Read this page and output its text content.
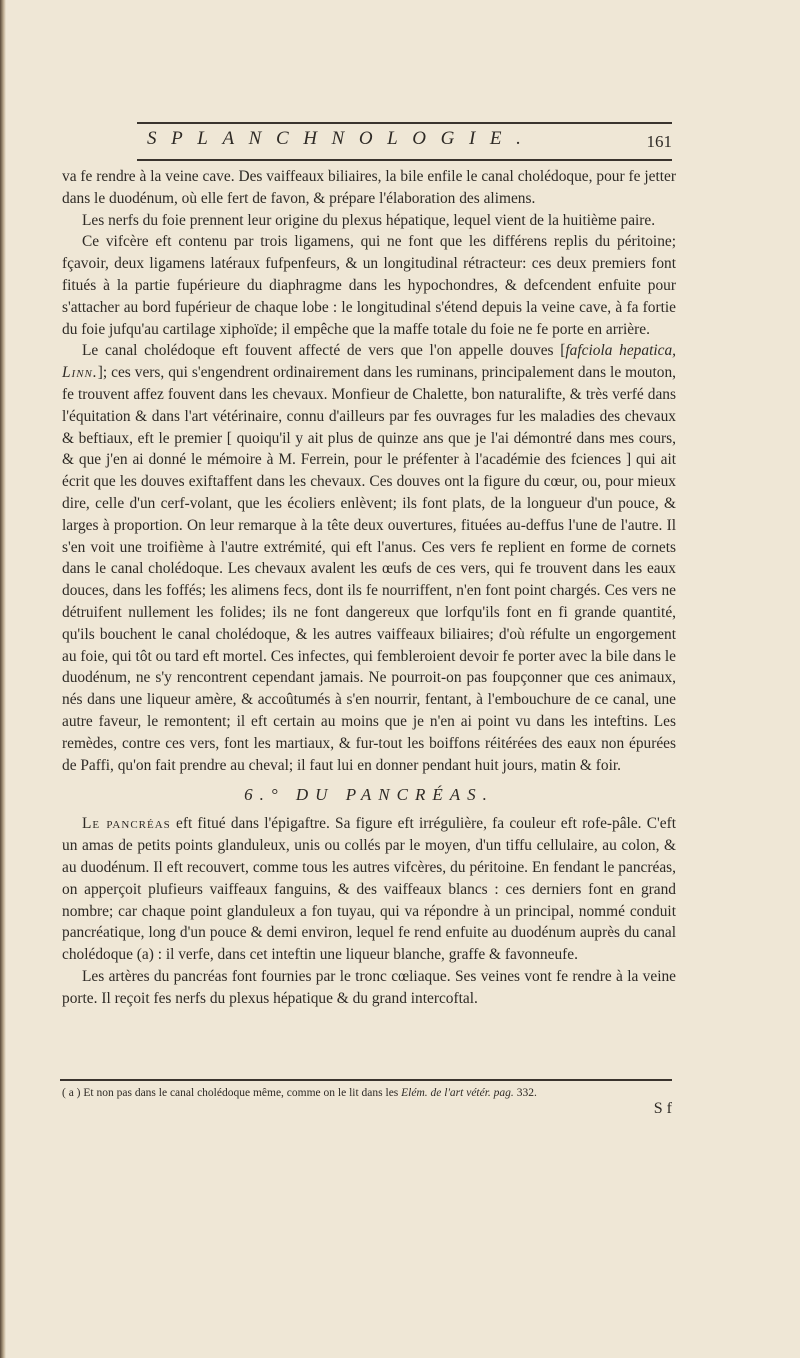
SPLANCHNOLOGIE.	161

va fe rendre à la veine cave. Des vaiffeaux biliaires, la bile enfile le canal cholédoque, pour fe jetter dans le duodénum, où elle fert de favon, & prépare l'élaboration des alimens.

Les nerfs du foie prennent leur origine du plexus hépatique, lequel vient de la huitième paire.

Ce vifcère eft contenu par trois ligamens, qui ne font que les différens replis du péritoine; fçavoir, deux ligamens latéraux fufpenfeurs, & un longitudinal rétracteur: ces deux premiers font fitués à la partie fupérieure du diaphragme dans les hypochondres, & defcendent enfuite pour s'attacher au bord fupérieur de chaque lobe : le longitudinal s'étend depuis la veine cave, à fa fortie du foie jufqu'au cartilage xiphoïde; il empêche que la maffe totale du foie ne fe porte en arrière.

Le canal cholédoque eft fouvent affecté de vers que l'on appelle douves [fafciola hepatica, Linn.]; ces vers, qui s'engendrent ordinairement dans les ruminans, principalement dans le mouton, fe trouvent affez fouvent dans les chevaux. Monfieur de Chalette, bon naturalifte, & très verfé dans l'équitation & dans l'art vétérinaire, connu d'ailleurs par fes ouvrages fur les maladies des chevaux & beftiaux, eft le premier [ quoiqu'il y ait plus de quinze ans que je l'ai démontré dans mes cours, & que j'en ai donné le mémoire à M. Ferrein, pour le préfenter à l'académie des fciences ] qui ait écrit que les douves exiftaffent dans les chevaux. Ces douves ont la figure du cœur, ou, pour mieux dire, celle d'un cerf-volant, que les écoliers enlèvent; ils font plats, de la longueur d'un pouce, & larges à proportion. On leur remarque à la tête deux ouvertures, fituées au-deffus l'une de l'autre. Il s'en voit une troifième à l'autre extrémité, qui eft l'anus. Ces vers fe replient en forme de cornets dans le canal cholédoque. Les chevaux avalent les œufs de ces vers, qui fe trouvent dans les eaux douces, dans les foffés; les alimens fecs, dont ils fe nourriffent, n'en font point chargés. Ces vers ne détruifent nullement les folides; ils ne font dangereux que lorfqu'ils font en fi grande quantité, qu'ils bouchent le canal cholédoque, & les autres vaiffeaux biliaires; d'où réfulte un engorgement au foie, qui tôt ou tard eft mortel. Ces infectes, qui fembleroient devoir fe porter avec la bile dans le duodénum, ne s'y rencontrent cependant jamais. Ne pourroit-on pas foupçonner que ces animaux, nés dans une liqueur amère, & accoûtumés à s'en nourrir, fentant, à l'embouchure de ce canal, une autre faveur, le remontent; il eft certain au moins que je n'en ai point vu dans les inteftins. Les remèdes, contre ces vers, font les martiaux, & fur-tout les boiffons réitérées des eaux non épurées de Paffi, qu'on fait prendre au cheval; il faut lui en donner pendant huit jours, matin & foir.

6.° DU PANCRÉAS.

Le pancréas eft fitué dans l'épigaftre. Sa figure eft irrégulière, fa couleur eft rofe-pâle. C'eft un amas de petits points glanduleux, unis ou collés par le moyen, d'un tiffu cellulaire, au colon, & au duodénum. Il eft recouvert, comme tous les autres vifcères, du péritoine. En fendant le pancréas, on apperçoit plufieurs vaiffeaux fanguins, & des vaiffeaux blancs : ces derniers font en grand nombre; car chaque point glanduleux a fon tuyau, qui va répondre à un principal, nommé conduit pancréatique, long d'un pouce & demi environ, lequel fe rend enfuite au duodénum auprès du canal cholédoque (a) : il verfe, dans cet inteftin une liqueur blanche, graffe & favonneufe.

Les artères du pancréas font fournies par le tronc cœliaque. Ses veines vont fe rendre à la veine porte. Il reçoit fes nerfs du plexus hépatique & du grand intercoftal.

( a ) Et non pas dans le canal cholédoque même, comme on le lit dans les Elém. de l'art vétér. pag. 332.
S f
